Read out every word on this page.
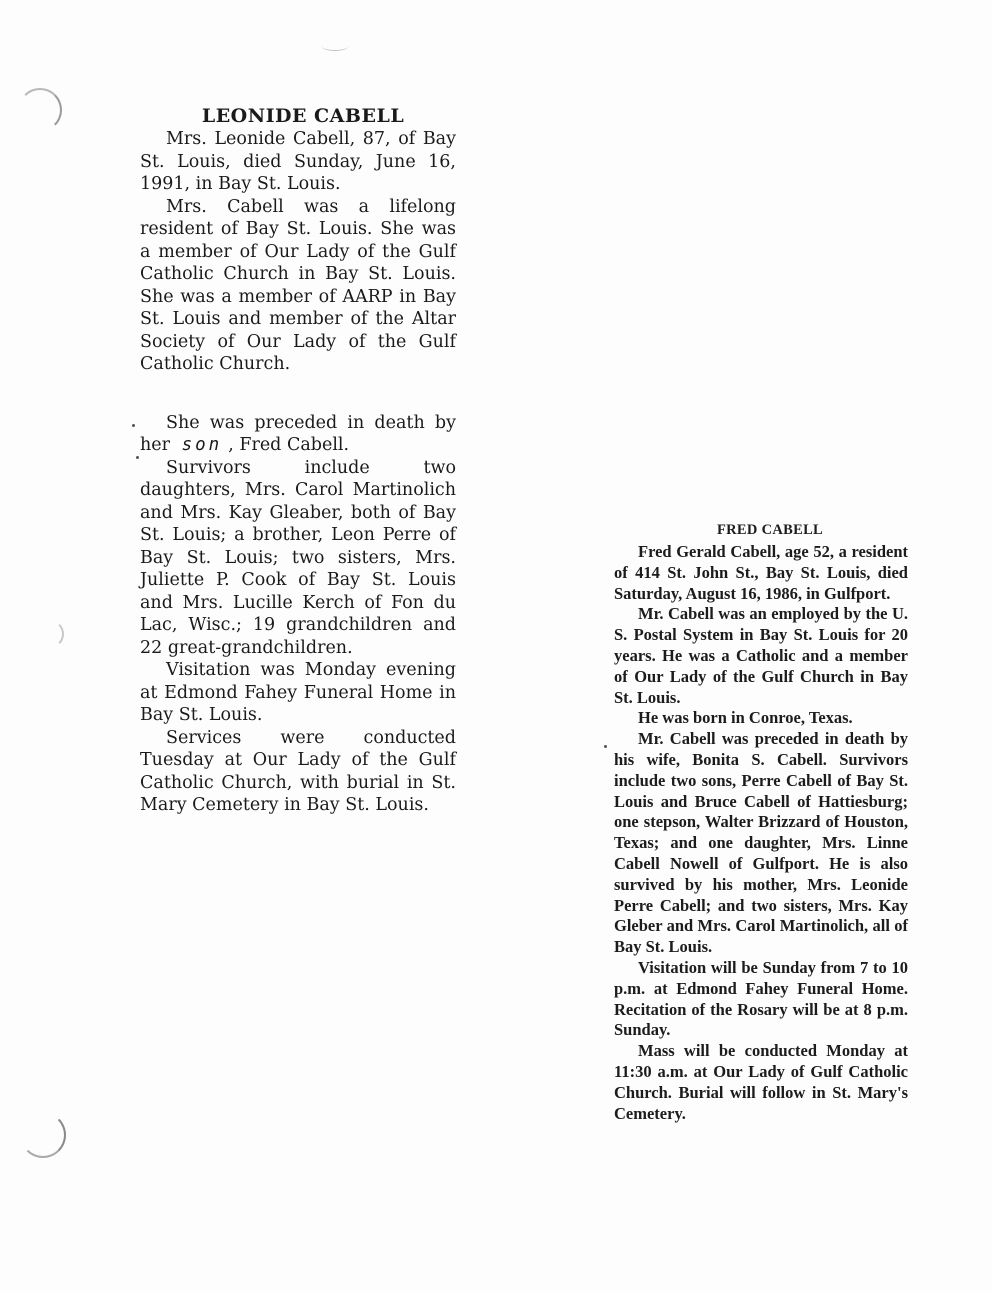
LEONIDE CABELL

Mrs. Leonide Cabell, 87, of Bay St. Louis, died Sunday, June 16, 1991, in Bay St. Louis.

Mrs. Cabell was a lifelong resident of Bay St. Louis. She was a member of Our Lady of the Gulf Catholic Church in Bay St. Louis. She was a member of AARP in Bay St. Louis and member of the Altar Society of Our Lady of the Gulf Catholic Church.

She was preceded in death by her son , Fred Cabell.

Survivors include two daughters, Mrs. Carol Martinolich and Mrs. Kay Gleaber, both of Bay St. Louis; a brother, Leon Perre of Bay St. Louis; two sisters, Mrs. Juliette P. Cook of Bay St. Louis and Mrs. Lucille Kerch of Fon du Lac, Wisc.; 19 grandchildren and 22 great-grandchildren.

Visitation was Monday evening at Edmond Fahey Funeral Home in Bay St. Louis.

Services were conducted Tuesday at Our Lady of the Gulf Catholic Church, with burial in St. Mary Cemetery in Bay St. Louis.

FRED CABELL

Fred Gerald Cabell, age 52, a resident of 414 St. John St., Bay St. Louis, died Saturday, August 16, 1986, in Gulfport.

Mr. Cabell was an employed by the U. S. Postal System in Bay St. Louis for 20 years. He was a Catholic and a member of Our Lady of the Gulf Church in Bay St. Louis.

He was born in Conroe, Texas.

Mr. Cabell was preceded in death by his wife, Bonita S. Cabell. Survivors include two sons, Perre Cabell of Bay St. Louis and Bruce Cabell of Hattiesburg; one stepson, Walter Brizzard of Houston, Texas; and one daughter, Mrs. Linne Cabell Nowell of Gulfport. He is also survived by his mother, Mrs. Leonide Perre Cabell; and two sisters, Mrs. Kay Gleber and Mrs. Carol Martinolich, all of Bay St. Louis.

Visitation will be Sunday from 7 to 10 p.m. at Edmond Fahey Funeral Home. Recitation of the Rosary will be at 8 p.m. Sunday.

Mass will be conducted Monday at 11:30 a.m. at Our Lady of Gulf Catholic Church. Burial will follow in St. Mary's Cemetery.
